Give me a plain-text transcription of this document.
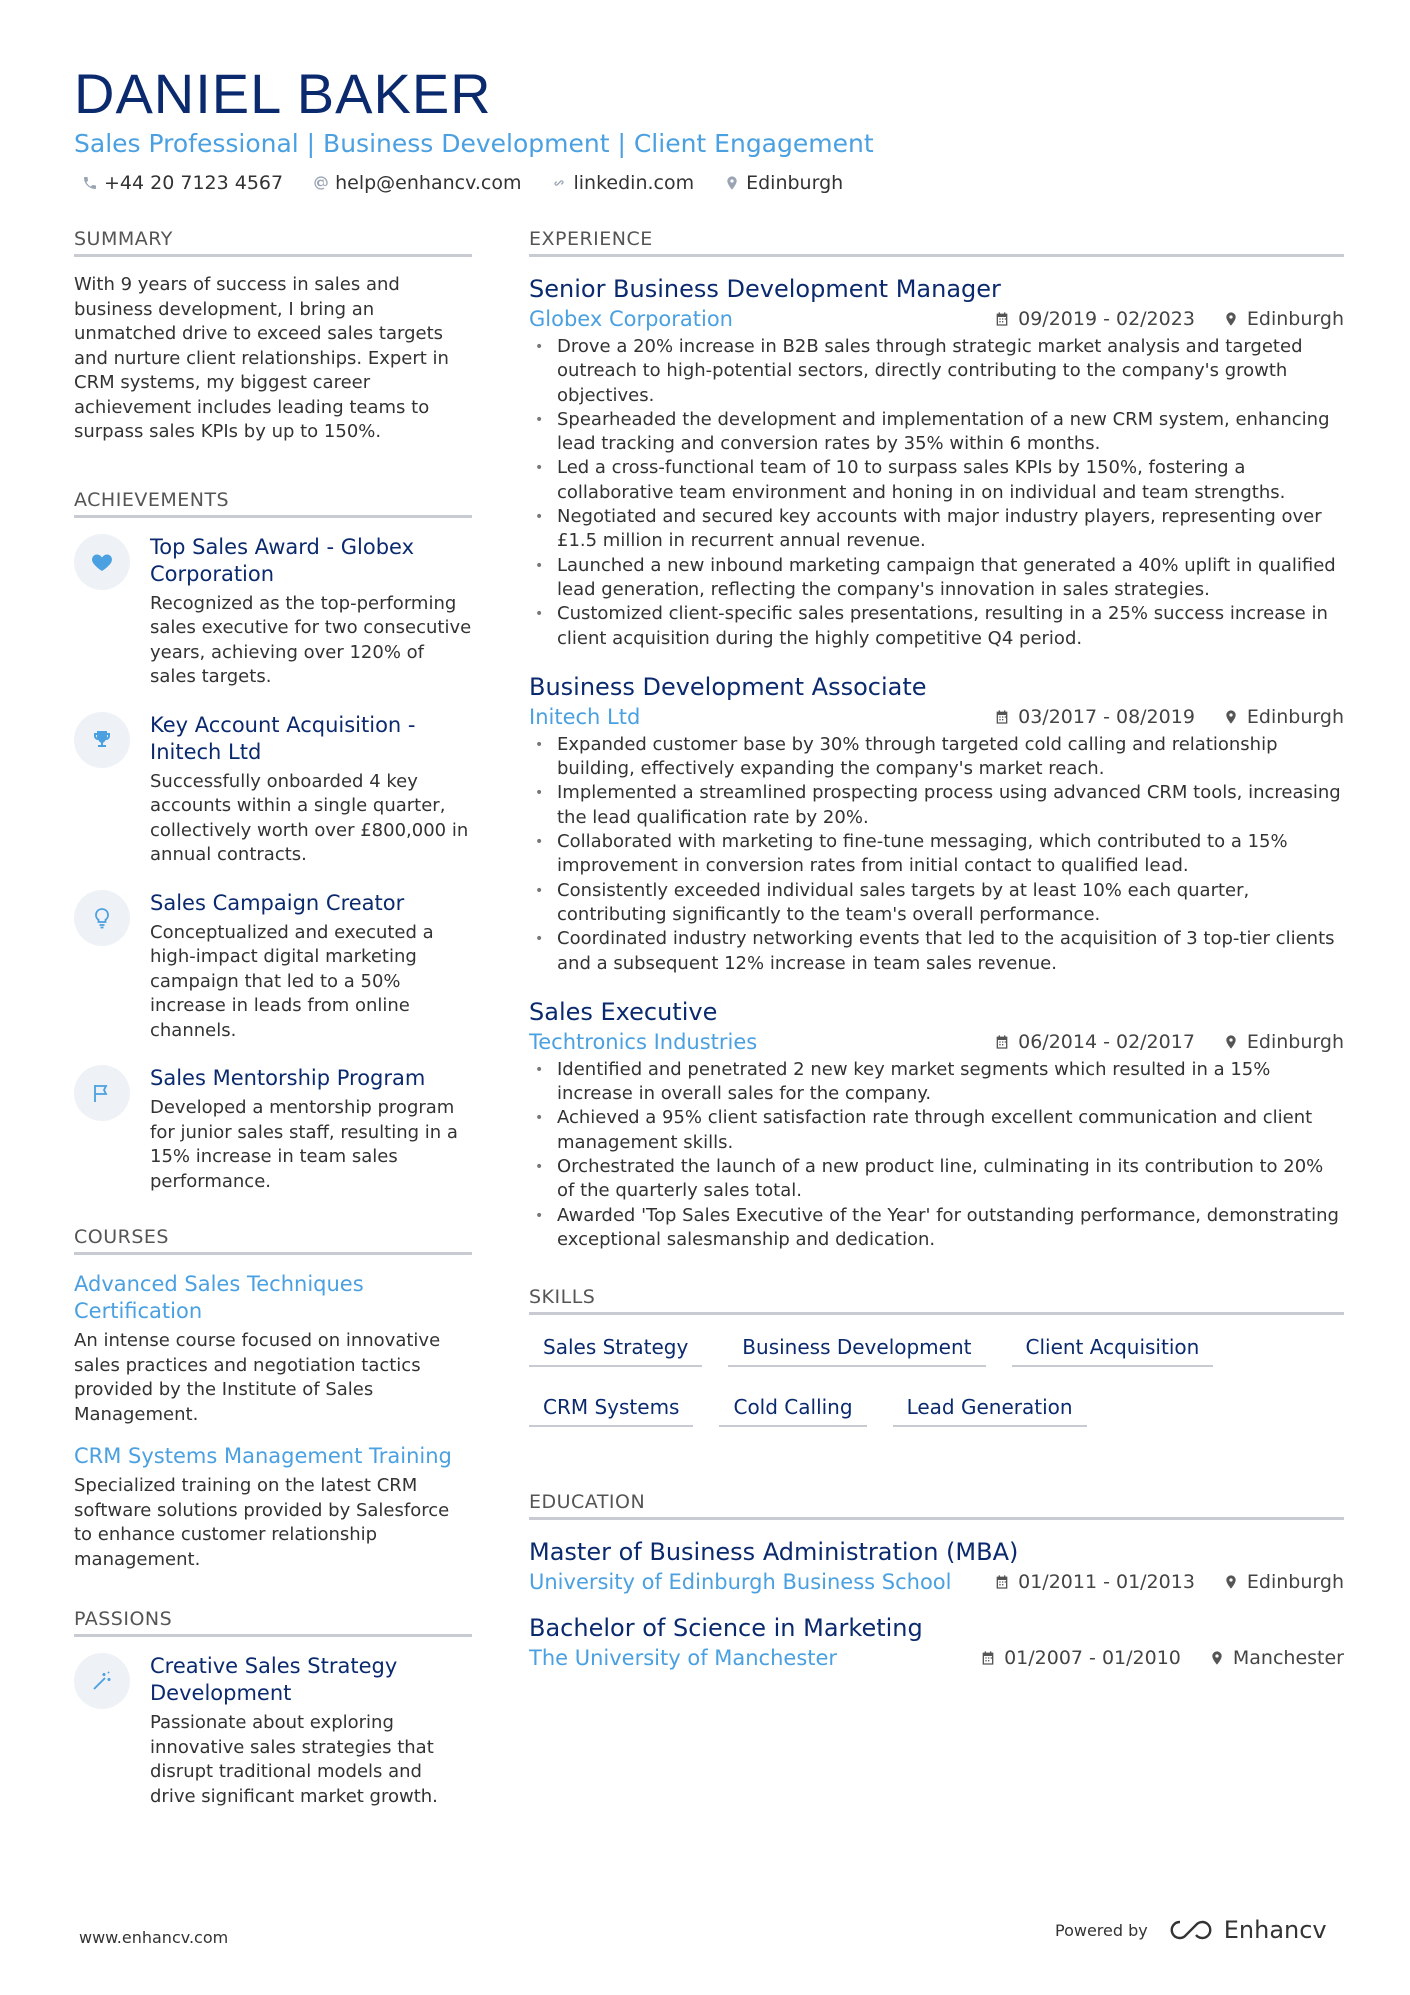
DANIEL BAKER
Sales Professional | Business Development | Client Engagement
+44 20 7123 4567	help@enhancv.com	linkedin.com	Edinburgh
SUMMARY
With 9 years of success in sales and business development, I bring an unmatched drive to exceed sales targets and nurture client relationships. Expert in CRM systems, my biggest career achievement includes leading teams to surpass sales KPIs by up to 150%.
ACHIEVEMENTS
Top Sales Award - Globex Corporation
Recognized as the top-performing sales executive for two consecutive years, achieving over 120% of sales targets.
Key Account Acquisition - Initech Ltd
Successfully onboarded 4 key accounts within a single quarter, collectively worth over £800,000 in annual contracts.
Sales Campaign Creator
Conceptualized and executed a high-impact digital marketing campaign that led to a 50% increase in leads from online channels.
Sales Mentorship Program
Developed a mentorship program for junior sales staff, resulting in a 15% increase in team sales performance.
COURSES
Advanced Sales Techniques Certification
An intense course focused on innovative sales practices and negotiation tactics provided by the Institute of Sales Management.
CRM Systems Management Training
Specialized training on the latest CRM software solutions provided by Salesforce to enhance customer relationship management.
PASSIONS
Creative Sales Strategy Development
Passionate about exploring innovative sales strategies that disrupt traditional models and drive significant market growth.
EXPERIENCE
Senior Business Development Manager
Globex Corporation	09/2019 - 02/2023	Edinburgh
• Drove a 20% increase in B2B sales through strategic market analysis and targeted outreach to high-potential sectors, directly contributing to the company's growth objectives.
• Spearheaded the development and implementation of a new CRM system, enhancing lead tracking and conversion rates by 35% within 6 months.
• Led a cross-functional team of 10 to surpass sales KPIs by 150%, fostering a collaborative team environment and honing in on individual and team strengths.
• Negotiated and secured key accounts with major industry players, representing over £1.5 million in recurrent annual revenue.
• Launched a new inbound marketing campaign that generated a 40% uplift in qualified lead generation, reflecting the company's innovation in sales strategies.
• Customized client-specific sales presentations, resulting in a 25% success increase in client acquisition during the highly competitive Q4 period.
Business Development Associate
Initech Ltd	03/2017 - 08/2019	Edinburgh
• Expanded customer base by 30% through targeted cold calling and relationship building, effectively expanding the company's market reach.
• Implemented a streamlined prospecting process using advanced CRM tools, increasing the lead qualification rate by 20%.
• Collaborated with marketing to fine-tune messaging, which contributed to a 15% improvement in conversion rates from initial contact to qualified lead.
• Consistently exceeded individual sales targets by at least 10% each quarter, contributing significantly to the team's overall performance.
• Coordinated industry networking events that led to the acquisition of 3 top-tier clients and a subsequent 12% increase in team sales revenue.
Sales Executive
Techtronics Industries	06/2014 - 02/2017	Edinburgh
• Identified and penetrated 2 new key market segments which resulted in a 15% increase in overall sales for the company.
• Achieved a 95% client satisfaction rate through excellent communication and client management skills.
• Orchestrated the launch of a new product line, culminating in its contribution to 20% of the quarterly sales total.
• Awarded 'Top Sales Executive of the Year' for outstanding performance, demonstrating exceptional salesmanship and dedication.
SKILLS
Sales Strategy	Business Development	Client Acquisition
CRM Systems	Cold Calling	Lead Generation
EDUCATION
Master of Business Administration (MBA)
University of Edinburgh Business School	01/2011 - 01/2013	Edinburgh
Bachelor of Science in Marketing
The University of Manchester	01/2007 - 01/2010	Manchester
www.enhancv.com	Powered by	Enhancv
